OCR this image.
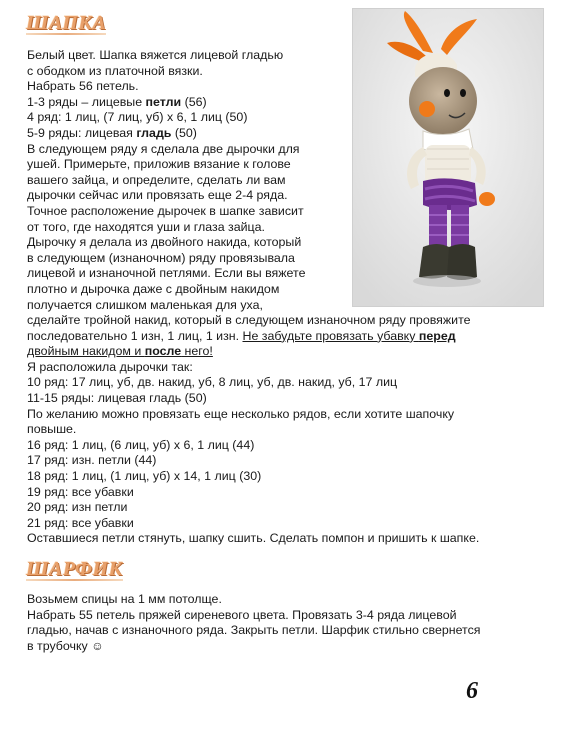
ШАПКА
Белый цвет. Шапка вяжется лицевой гладью
с ободком из платочной вязки.
Набрать 56 петель.
1-3 ряды – лицевые петли (56)
4 ряд: 1 лиц, (7 лиц, уб) х 6, 1 лиц (50)
5-9 ряды: лицевая гладь (50)
В следующем ряду я сделала две дырочки для
ушей. Примерьте, приложив вязание к голове
вашего зайца, и определите, сделать ли вам
дырочки сейчас или провязать еще 2-4 ряда.
Точное расположение дырочек в шапке зависит
от того, где находятся уши и глаза зайца.
Дырочку я делала из двойного накида, который
в следующем (изнаночном) ряду провязывала
лицевой и изнаночной петлями. Если вы вяжете
плотно и дырочка даже с двойным накидом
получается слишком маленькая для уха,
сделайте тройной накид, который в следующем изнаночном ряду провяжите
последовательно 1 изн, 1 лиц, 1 изн. Не забудьте провязать убавку перед
двойным накидом и после него!
Я расположила дырочки так:
10 ряд: 17 лиц, уб, дв. накид, уб, 8 лиц, уб, дв. накид, уб, 17 лиц
11-15 ряды: лицевая гладь (50)
По желанию можно провязать еще несколько рядов, если хотите шапочку
повыше.
16 ряд: 1 лиц, (6 лиц, уб) х 6, 1 лиц (44)
17 ряд: изн. петли (44)
18 ряд: 1 лиц, (1 лиц, уб) х 14, 1 лиц (30)
19 ряд: все убавки
20 ряд: изн петли
21 ряд: все убавки
Оставшиеся петли стянуть, шапку сшить. Сделать помпон и пришить к шапке.
ШАРФИК
Возьмем спицы на 1 мм потолще.
Набрать 55 петель пряжей сиреневого цвета. Провязать 3-4 ряда лицевой
гладью, начав с изнаночного ряда. Закрыть петли. Шарфик стильно свернется
в трубочку ☺
6
